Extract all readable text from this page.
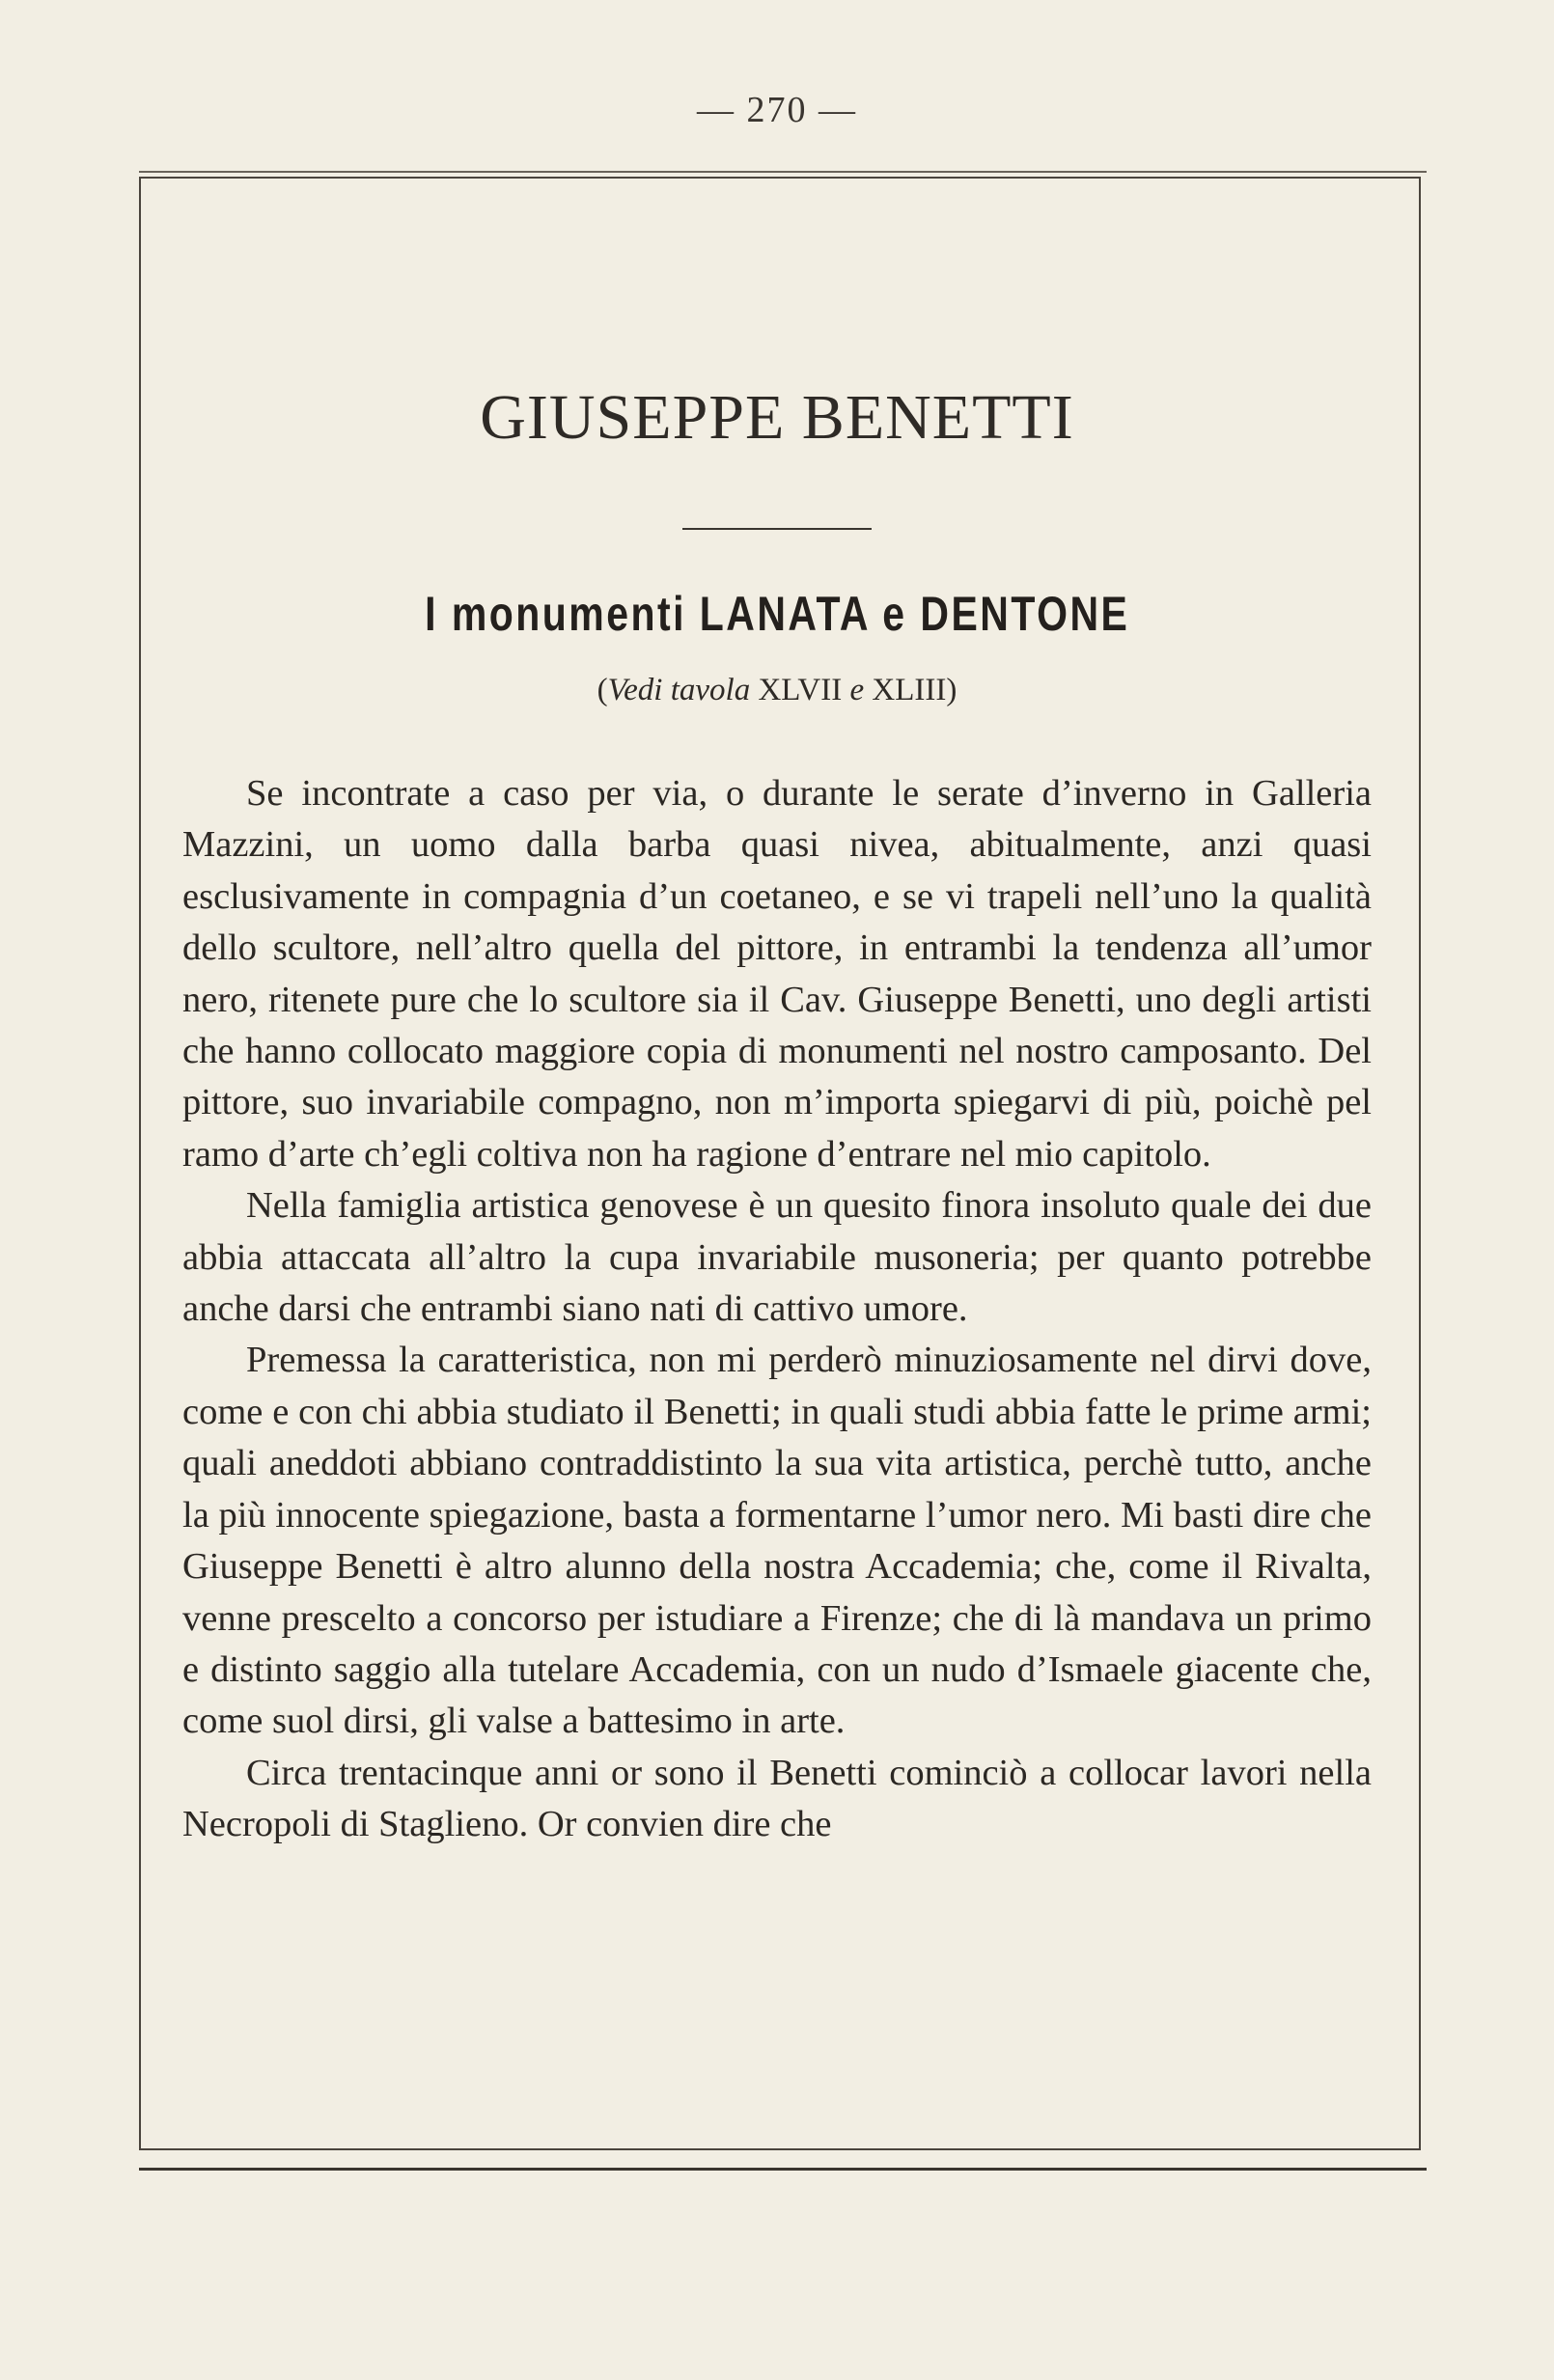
— 270 —
GIUSEPPE BENETTI
I monumenti LANATA e DENTONE
(Vedi tavola XLVII e XLIII)

Se incontrate a caso per via, o durante le serate d’inverno in Galleria Mazzini, un uomo dalla barba quasi nivea, abitualmente, anzi quasi esclusivamente in compagnia d’un coetaneo, e se vi trapeli nell’uno la qualità dello scultore, nell’altro quella del pittore, in entrambi la tendenza all’umor nero, ritenete pure che lo scultore sia il Cav. Giuseppe Benetti, uno degli artisti che hanno collocato maggiore copia di monumenti nel nostro camposanto. Del pittore, suo invariabile compagno, non m’importa spiegarvi di più, poichè pel ramo d’arte ch’egli coltiva non ha ragione d’entrare nel mio capitolo.

Nella famiglia artistica genovese è un quesito finora insoluto quale dei due abbia attaccata all’altro la cupa invariabile musoneria; per quanto potrebbe anche darsi che entrambi siano nati di cattivo umore.

Premessa la caratteristica, non mi perderò minuziosamente nel dirvi dove, come e con chi abbia studiato il Benetti; in quali studi abbia fatte le prime armi; quali aneddoti abbiano contraddistinto la sua vita artistica, perchè tutto, anche la più innocente spiegazione, basta a formentarne l’umor nero. Mi basti dire che Giuseppe Benetti è altro alunno della nostra Accademia; che, come il Rivalta, venne prescelto a concorso per istudiare a Firenze; che di là mandava un primo e distinto saggio alla tutelare Accademia, con un nudo d’Ismaele giacente che, come suol dirsi, gli valse a battesimo in arte.

Circa trentacinque anni or sono il Benetti cominciò a collocar lavori nella Necropoli di Staglieno. Or convien dire che
